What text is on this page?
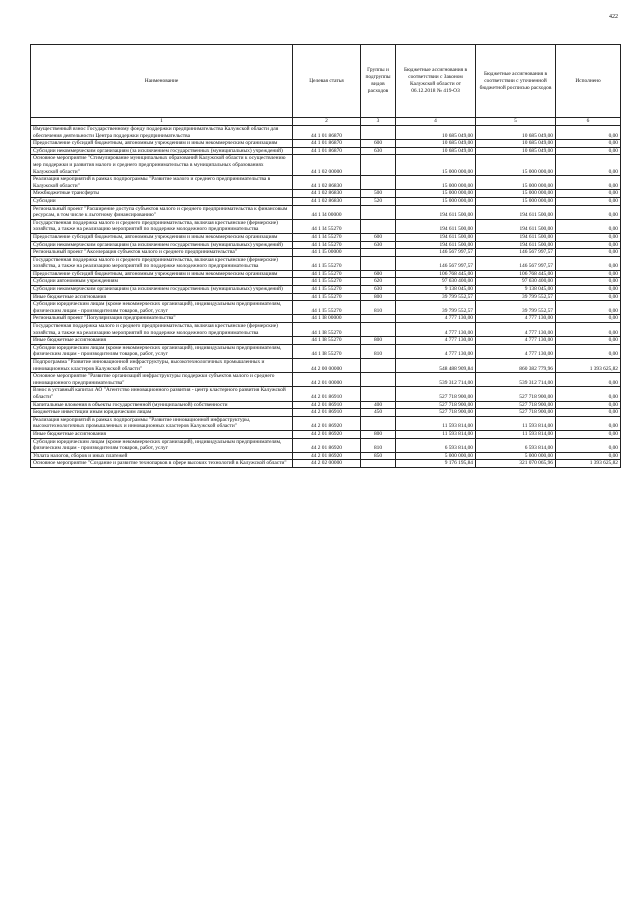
422
Наименование	Целевая статья	Группы и подгруппы видов расходов	Бюджетные ассигнования в соответствии с Законом Калужской области от 06.12.2018 № 419-ОЗ	Бюджетные ассигнования в соответствии с уточненной бюджетной росписью расходов	Исполнено
1	2	3	4	5	6
Имущественный взнос Государственному фонду поддержки предпринимательства Калужской области для обеспечения деятельности Центра поддержки предпринимательства	44 1 01 86870		10 685 049,00	10 685 049,00	0,00
Предоставление субсидий бюджетным, автономным учреждениям и иным некоммерческим организациям	44 1 01 86870	600	10 685 049,00	10 685 049,00	0,00
Субсидии некоммерческим организациям (за исключением государственных (муниципальных) учреждений)	44 1 01 86870	630	10 685 049,00	10 685 049,00	0,00
Основное мероприятие "Стимулирование муниципальных образований Калужской области к осуществлению мер поддержки и развития малого и среднего предпринимательства в муниципальных образованиях Калужской области"	44 1 02 00000		15 000 000,00	15 000 000,00	0,00
Реализация мероприятий в рамках подпрограммы "Развитие малого и среднего предпринимательства в Калужской области"	44 1 02 86830		15 000 000,00	15 000 000,00	0,00
Межбюджетные трансферты	44 1 02 86830	500	15 000 000,00	15 000 000,00	0,00
Субсидии	44 1 02 86830	520	15 000 000,00	15 000 000,00	0,00
Региональный проект "Расширение доступа субъектов малого и среднего предпринимательства к финансовым ресурсам, в том числе к льготному финансированию"	44 1 I4 00000		194 611 500,00	194 611 500,00	0,00
Государственная поддержка малого и среднего предпринимательства, включая крестьянские (фермерские) хозяйства, а также на реализацию мероприятий по поддержке молодежного предпринимательства	44 1 I4 55270		194 611 500,00	194 611 500,00	0,00
Предоставление субсидий бюджетным, автономным учреждениям и иным некоммерческим организациям	44 1 I4 55270	600	194 611 500,00	194 611 500,00	0,00
Субсидии некоммерческим организациям (за исключением государственных (муниципальных) учреждений)	44 1 I4 55270	630	194 611 500,00	194 611 500,00	0,00
Региональный проект "Акселерация субъектов малого и среднего предпринимательства"	44 1 I5 00000		146 567 997,57	146 567 997,57	0,00
Государственная поддержка малого и среднего предпринимательства, включая крестьянские (фермерские) хозяйства, а также на реализацию мероприятий по поддержке молодежного предпринимательства	44 1 I5 55270		146 567 997,57	146 567 997,57	0,00
Предоставление субсидий бюджетным, автономным учреждениям и иным некоммерческим организациям	44 1 I5 55270	600	106 768 445,00	106 768 445,00	0,00
Субсидии автономным учреждениям	44 1 I5 55270	620	97 630 400,00	97 630 400,00	0,00
Субсидии некоммерческим организациям (за исключением государственных (муниципальных) учреждений)	44 1 I5 55270	630	9 138 045,00	9 138 045,00	0,00
Иные бюджетные ассигнования	44 1 I5 55270	800	39 799 552,57	39 799 552,57	0,00
Субсидии юридическим лицам (кроме некоммерческих организаций), индивидуальным предпринимателям, физическим лицам - производителям товаров, работ, услуг	44 1 I5 55270	810	39 799 552,57	39 799 552,57	0,00
Региональный проект "Популяризация предпринимательства"	44 1 I8 00000		4 777 130,00	4 777 130,00	0,00
Государственная поддержка малого и среднего предпринимательства, включая крестьянские (фермерские) хозяйства, а также на реализацию мероприятий по поддержке молодежного предпринимательства	44 1 I8 55270		4 777 130,00	4 777 130,00	0,00
Иные бюджетные ассигнования	44 1 I8 55270	800	4 777 130,00	4 777 130,00	0,00
Субсидии юридическим лицам (кроме некоммерческих организаций), индивидуальным предпринимателям, физическим лицам - производителям товаров, работ, услуг	44 1 I8 55270	810	4 777 130,00	4 777 130,00	0,00
Подпрограмма "Развитие инновационной инфраструктуры, высокотехнологичных промышленных и инновационных кластеров Калужской области"	44 2 00 00000		548 488 909,84	860 382 779,96	1 393 625,82
Основное мероприятие "Развитие организаций инфраструктуры поддержки субъектов малого и среднего инновационного предпринимательства"	44 2 01 00000		539 312 714,00	539 312 714,00	0,00
Взнос в уставный капитал АО "Агентство инновационного развития - центр кластерного развития Калужской области"	44 2 01 86910		527 718 900,00	527 718 900,00	0,00
Капитальные вложения в объекты государственной (муниципальной) собственности	44 2 01 86910	400	527 718 900,00	527 718 900,00	0,00
Бюджетные инвестиции иным юридическим лицам	44 2 01 86910	450	527 718 900,00	527 718 900,00	0,00
Реализация мероприятий в рамках подпрограммы "Развитие инновационной инфраструктуры, высокотехнологичных промышленных и инновационных кластеров Калужской области"	44 2 01 86920		11 593 814,00	11 593 814,00	0,00
Иные бюджетные ассигнования	44 2 01 86920	800	11 593 814,00	11 593 814,00	0,00
Субсидии юридическим лицам (кроме некоммерческих организаций), индивидуальным предпринимателям, физическим лицам - производителям товаров, работ, услуг	44 2 01 86920	810	6 593 814,00	6 593 814,00	0,00
Уплата налогов, сборов и иных платежей	44 2 01 86920	850	5 000 000,00	5 000 000,00	0,00
Основное мероприятие "Создание и развитие технопарков в сфере высоких технологий в Калужской области"	44 2 02 00000		9 176 195,84	321 070 065,96	1 393 625,82
